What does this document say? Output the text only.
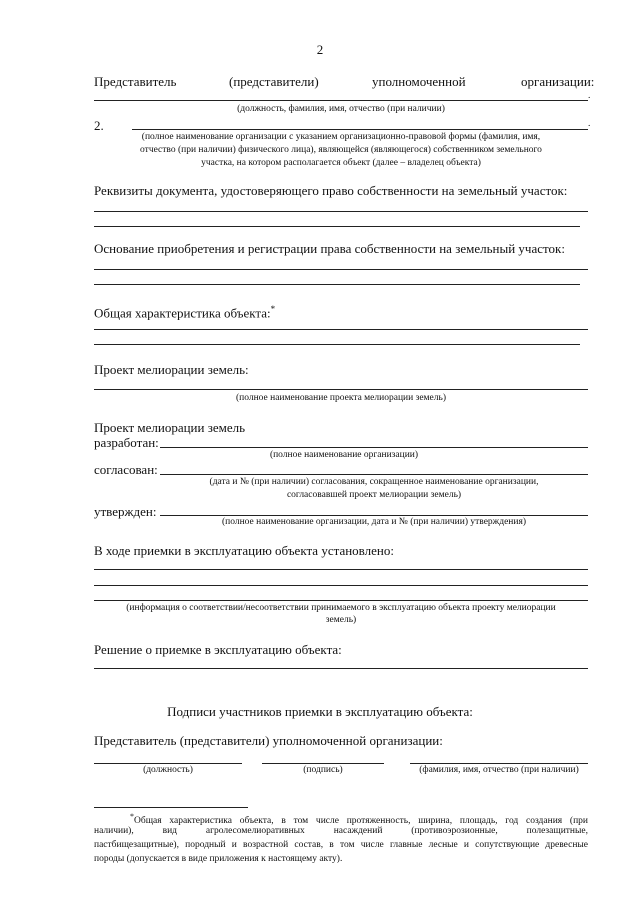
2
Представитель	(представители)	уполномоченной	организации:
.
(должность, фамилия, имя, отчество (при наличии)
2.	.
(полное наименование организации с указанием организационно-правовой формы (фамилия, имя,
отчество (при наличии) физического лица), являющейся (являющегося) собственником земельного
участка, на котором располагается объект (далее – владелец объекта)
Реквизиты документа, удостоверяющего право собственности на земельный участок:
Основание приобретения и регистрации права собственности на земельный участок:
Общая характеристика объекта:*
Проект мелиорации земель:
(полное наименование проекта мелиорации земель)
Проект мелиорации земель
разработан:
(полное наименование организации)
согласован:
(дата и № (при наличии) согласования, сокращенное наименование организации,
согласовавшей проект мелиорации земель)
утвержден:
(полное наименование организации, дата и № (при наличии) утверждения)
В ходе приемки в эксплуатацию объекта установлено:
(информация о соответствии/несоответствии принимаемого в эксплуатацию объекта проекту мелиорации
земель)
Решение о приемке в эксплуатацию объекта:
Подписи участников приемки в эксплуатацию объекта:
Представитель (представители) уполномоченной организации:
(должность)	(подпись)	(фамилия, имя, отчество (при наличии)
*Общая характеристика объекта, в том числе протяженность, ширина, площадь, год создания (при
наличии), вид агролесомелиоративных насаждений (противоэрозионные, полезащитные,
пастбищезащитные), породный и возрастной состав, в том числе главные лесные и сопутствующие древесные
породы (допускается в виде приложения к настоящему акту).
